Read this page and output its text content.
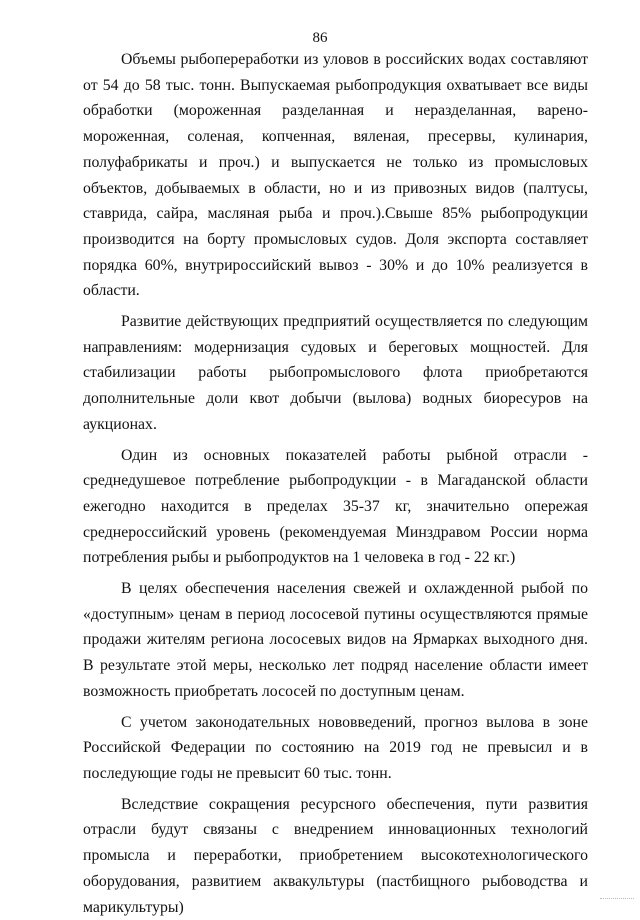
86

Объемы рыбопереработки из уловов в российских водах составляют от 54 до 58 тыс. тонн. Выпускаемая рыбопродукция охватывает все виды обработки (мороженная разделанная и неразделанная, варено-мороженная, соленая, копченная, вяленая, пресервы, кулинария, полуфабрикаты и проч.) и выпускается не только из промысловых объектов, добываемых в области, но и из привозных видов (палтусы, ставрида, сайра, масляная рыба и проч.).Свыше 85% рыбопродукции производится на борту промысловых судов. Доля экспорта составляет порядка 60%, внутрироссийский вывоз - 30% и до 10% реализуется в области.

Развитие действующих предприятий осуществляется по следующим направлениям: модернизация судовых и береговых мощностей. Для стабилизации работы рыбопромыслового флота приобретаются дополнительные доли квот добычи (вылова) водных биоресуров на аукционах.

Один из основных показателей работы рыбной отрасли - среднедушевое потребление рыбопродукции - в Магаданской области ежегодно находится в пределах 35-37 кг, значительно опережая среднероссийский уровень (рекомендуемая Минздравом России норма потребления рыбы и рыбопродуктов на 1 человека в год - 22 кг.)

В целях обеспечения населения свежей и охлажденной рыбой по «доступным» ценам в период лососевой путины осуществляются прямые продажи жителям региона лососевых видов на Ярмарках выходного дня. В результате этой меры, несколько лет подряд население области имеет возможность приобретать лососей по доступным ценам.

С учетом законодательных нововведений, прогноз вылова в зоне Российской Федерации по состоянию на 2019 год не превысил и в последующие годы не превысит 60 тыс. тонн.

Вследствие сокращения ресурсного обеспечения, пути развития отрасли будут связаны с внедрением инновационных технологий промысла и переработки, приобретением высокотехнологического оборудования, развитием аквакультуры (пастбищного рыбоводства и марикультуры)
